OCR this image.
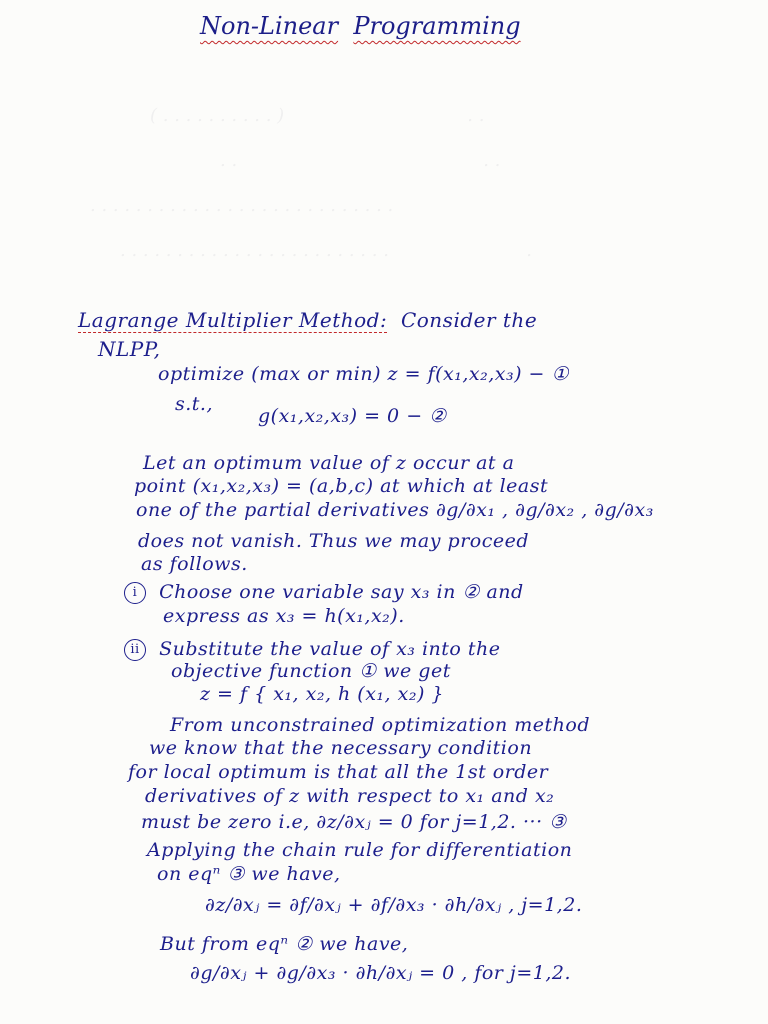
( . . . . . . . . . . )                                . .
. .                                           . .
. . . . . . . . . . . . . . . . . . . . . . . . . . .
. . . . . . . . . . . . . . . . . . . . . . . .                        .
Non-Linear Programming
Lagrange Multiplier Method: Consider the
NLPP,
optimize (max or min) z = f(x₁,x₂,x₃) − ①
s.t.,
g(x₁,x₂,x₃) = 0 − ②
Let an optimum value of z occur at a
point (x₁,x₂,x₃) = (a,b,c) at which at least
one of the partial derivatives ∂g/∂x₁ , ∂g/∂x₂ , ∂g/∂x₃
does not vanish. Thus we may proceed
as follows.
i Choose one variable say x₃ in ② and
express as x₃ = h(x₁,x₂).
ii Substitute the value of x₃ into the
objective function ① we get
z = f { x₁, x₂, h (x₁, x₂) }
From unconstrained optimization method
we know that the necessary condition
for local optimum is that all the 1st order
derivatives of z with respect to x₁ and x₂
must be zero i.e, ∂z/∂xⱼ = 0 for j=1,2. ··· ③
Applying the chain rule for differentiation
on eqⁿ ③ we have,
∂z/∂xⱼ = ∂f/∂xⱼ + ∂f/∂x₃ · ∂h/∂xⱼ , j=1,2.
But from eqⁿ ② we have,
∂g/∂xⱼ + ∂g/∂x₃ · ∂h/∂xⱼ = 0 , for j=1,2.
